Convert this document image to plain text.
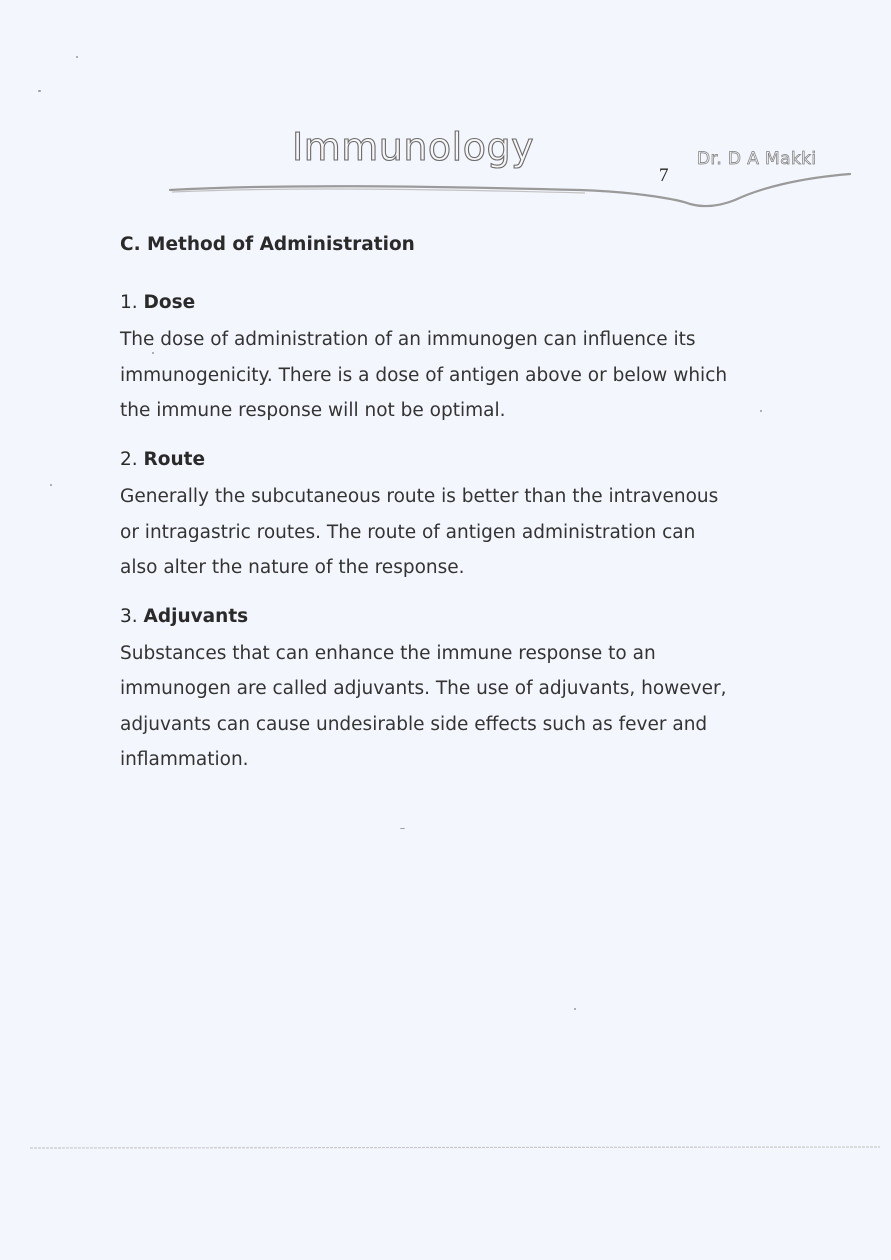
Immunology
7
Dr. D A Makki
C. Method of Administration
1. Dose

The dose of administration of an immunogen can influence its
immunogenicity. There is a dose of antigen above or below which
the immune response will not be optimal.

2. Route

Generally the subcutaneous route is better than the intravenous
or intragastric routes. The route of antigen administration can
also alter the nature of the response.

3. Adjuvants

Substances that can enhance the immune response to an
immunogen are called adjuvants. The use of adjuvants, however,
adjuvants can cause undesirable side effects such as fever and
inflammation.
